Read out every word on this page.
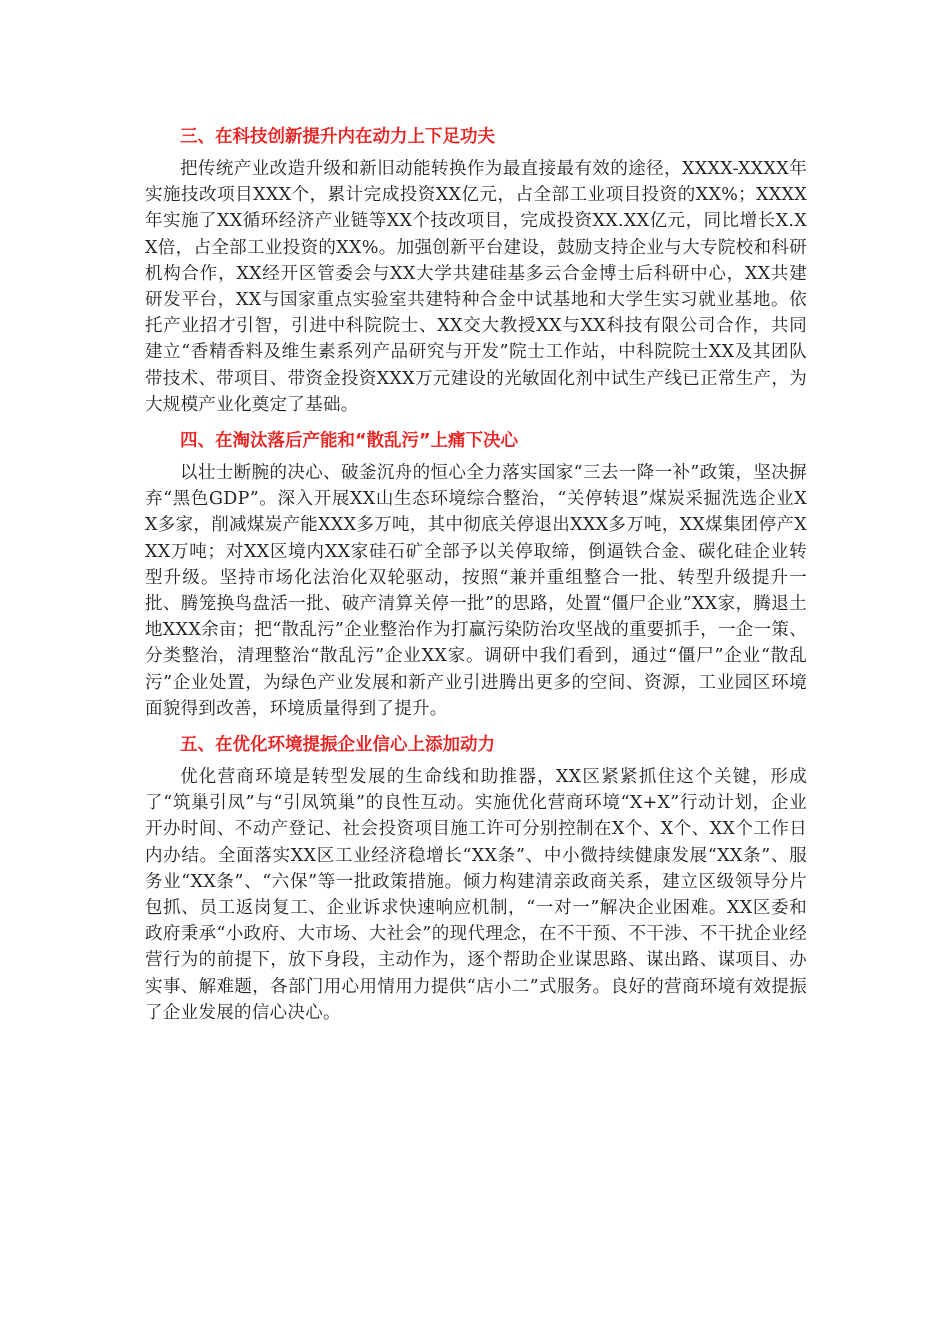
三、在科技创新提升内在动力上下足功夫

把传统产业改造升级和新旧动能转换作为最直接最有效的途径，XXXX-XXXX年实施技改项目XXX个，累计完成投资XX亿元，占全部工业项目投资的XX%；XXXX年实施了XX循环经济产业链等XX个技改项目，完成投资XX.XX亿元，同比增长X.XX倍，占全部工业投资的XX%。加强创新平台建设，鼓励支持企业与大专院校和科研机构合作，XX经开区管委会与XX大学共建硅基多云合金博士后科研中心，XX共建研发平台，XX与国家重点实验室共建特种合金中试基地和大学生实习就业基地。依托产业招才引智，引进中科院院士、XX交大教授XX与XX科技有限公司合作，共同建立“香精香料及维生素系列产品研究与开发”院士工作站，中科院院士XX及其团队带技术、带项目、带资金投资XXX万元建设的光敏固化剂中试生产线已正常生产，为大规模产业化奠定了基础。

四、在淘汰落后产能和“散乱污”上痛下决心

以壮士断腕的决心、破釜沉舟的恒心全力落实国家“三去一降一补”政策，坚决摒弃“黑色GDP”。深入开展XX山生态环境综合整治，“关停转退”煤炭采掘洗选企业XX多家，削减煤炭产能XXX多万吨，其中彻底关停退出XXX多万吨，XX煤集团停产XXX万吨；对XX区境内XX家硅石矿全部予以关停取缔，倒逼铁合金、碳化硅企业转型升级。坚持市场化法治化双轮驱动，按照“兼并重组整合一批、转型升级提升一批、腾笼换鸟盘活一批、破产清算关停一批”的思路，处置“僵尸企业”XX家，腾退土地XXX余亩；把“散乱污”企业整治作为打赢污染防治攻坚战的重要抓手，一企一策、分类整治，清理整治“散乱污”企业XX家。调研中我们看到，通过“僵尸”企业“散乱污”企业处置，为绿色产业发展和新产业引进腾出更多的空间、资源，工业园区环境面貌得到改善，环境质量得到了提升。

五、在优化环境提振企业信心上添加动力

优化营商环境是转型发展的生命线和助推器，XX区紧紧抓住这个关键，形成了“筑巢引凤”与“引凤筑巢”的良性互动。实施优化营商环境“X+X”行动计划，企业开办时间、不动产登记、社会投资项目施工许可分别控制在X个、X个、XX个工作日内办结。全面落实XX区工业经济稳增长“XX条”、中小微持续健康发展“XX条”、服务业“XX条”、“六保”等一批政策措施。倾力构建清亲政商关系，建立区级领导分片包抓、员工返岗复工、企业诉求快速响应机制，“一对一”解决企业困难。XX区委和政府秉承“小政府、大市场、大社会”的现代理念，在不干预、不干涉、不干扰企业经营行为的前提下，放下身段，主动作为，逐个帮助企业谋思路、谋出路、谋项目、办实事、解难题，各部门用心用情用力提供“店小二”式服务。良好的营商环境有效提振了企业发展的信心决心。
